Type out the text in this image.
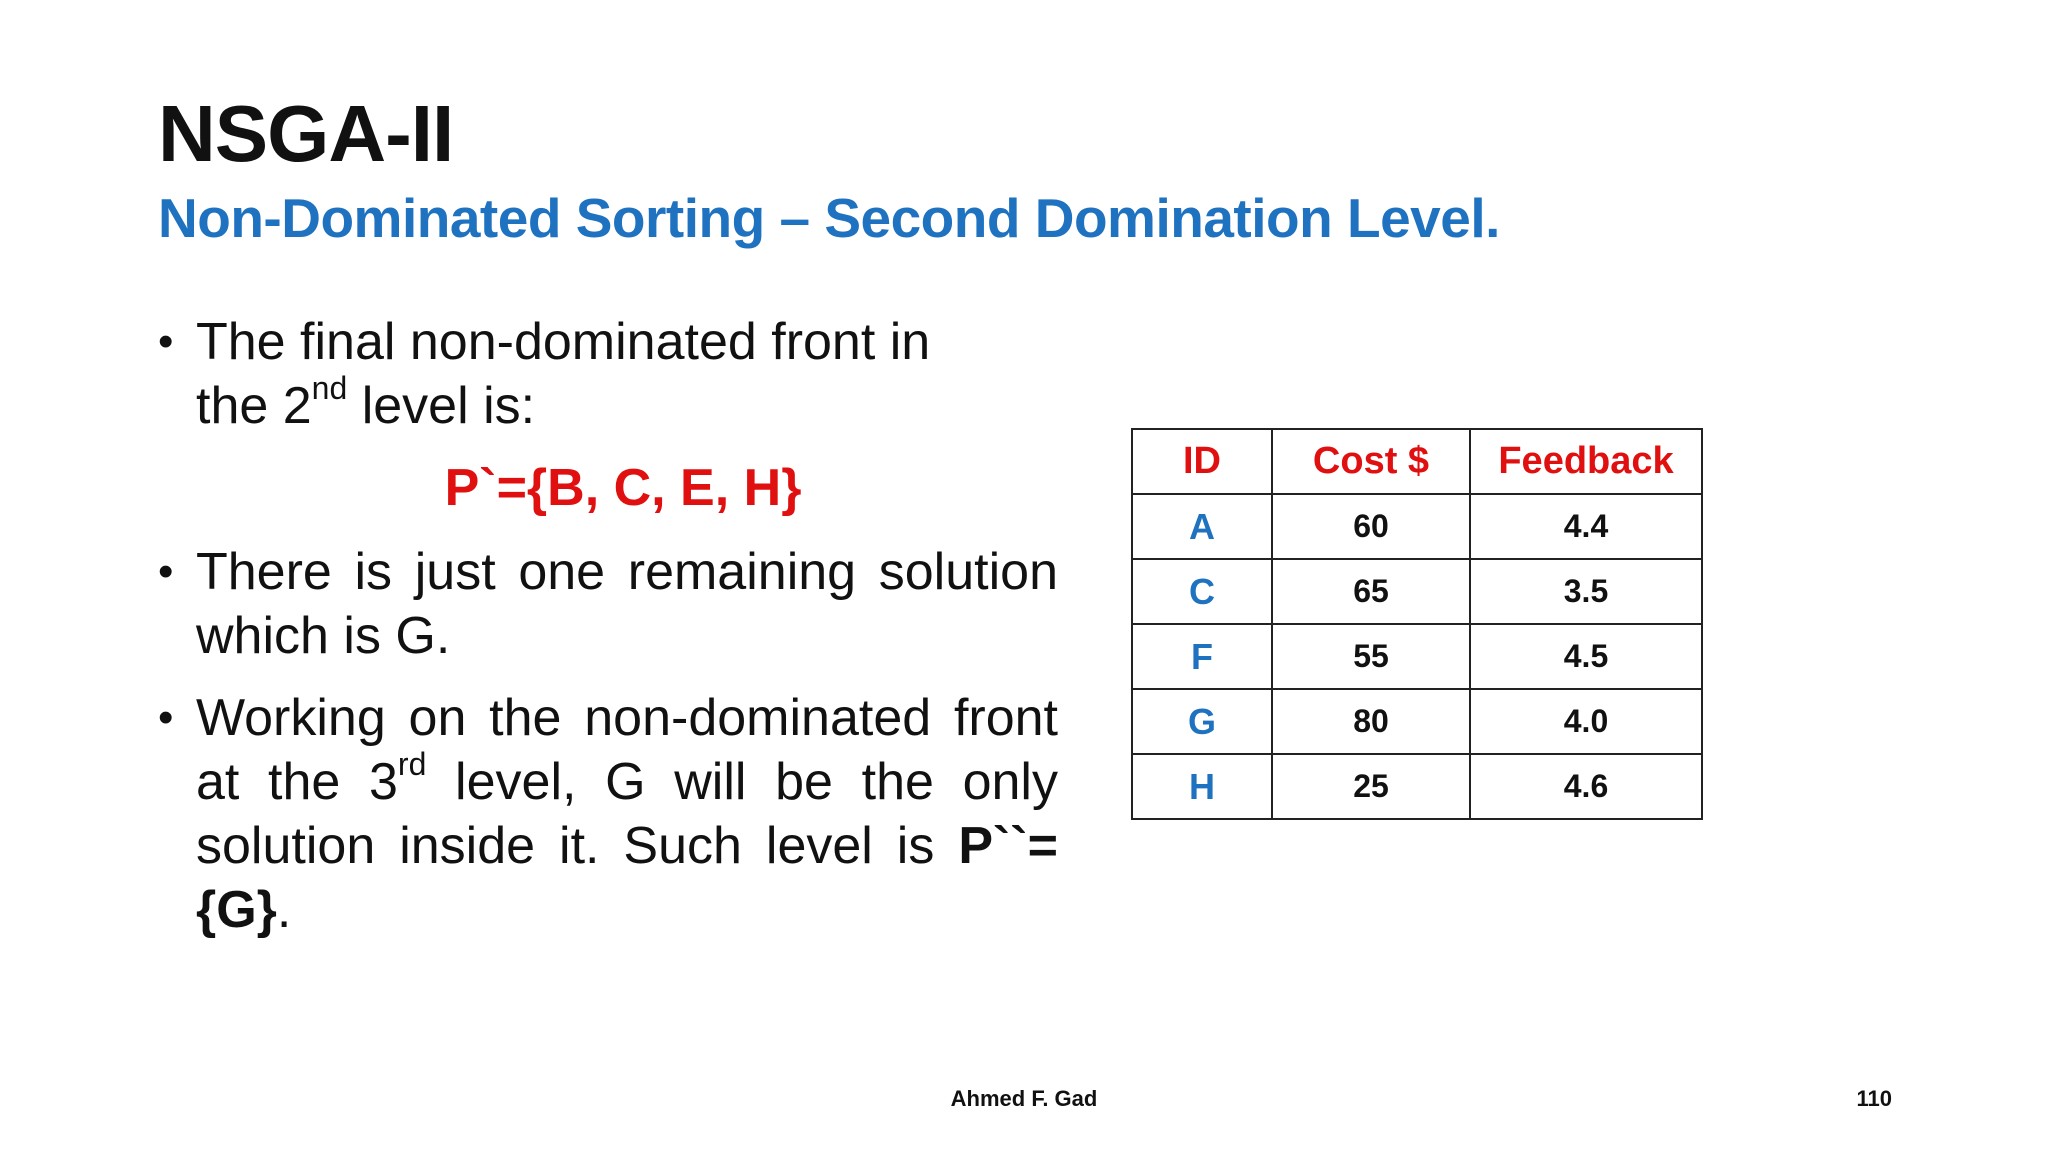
NSGA-II
Non-Dominated Sorting – Second Domination Level.
• The final non-dominated front in
the 2nd level is:
P`={B, C, E, H}
• There is just one remaining solution which is G.
• Working on the non-dominated front at the 3rd level, G will be the only solution inside it. Such level is P``={G}.
ID	Cost $	Feedback
A	60	4.4
C	65	3.5
F	55	4.5
G	80	4.0
H	25	4.6
Ahmed F. Gad	110
